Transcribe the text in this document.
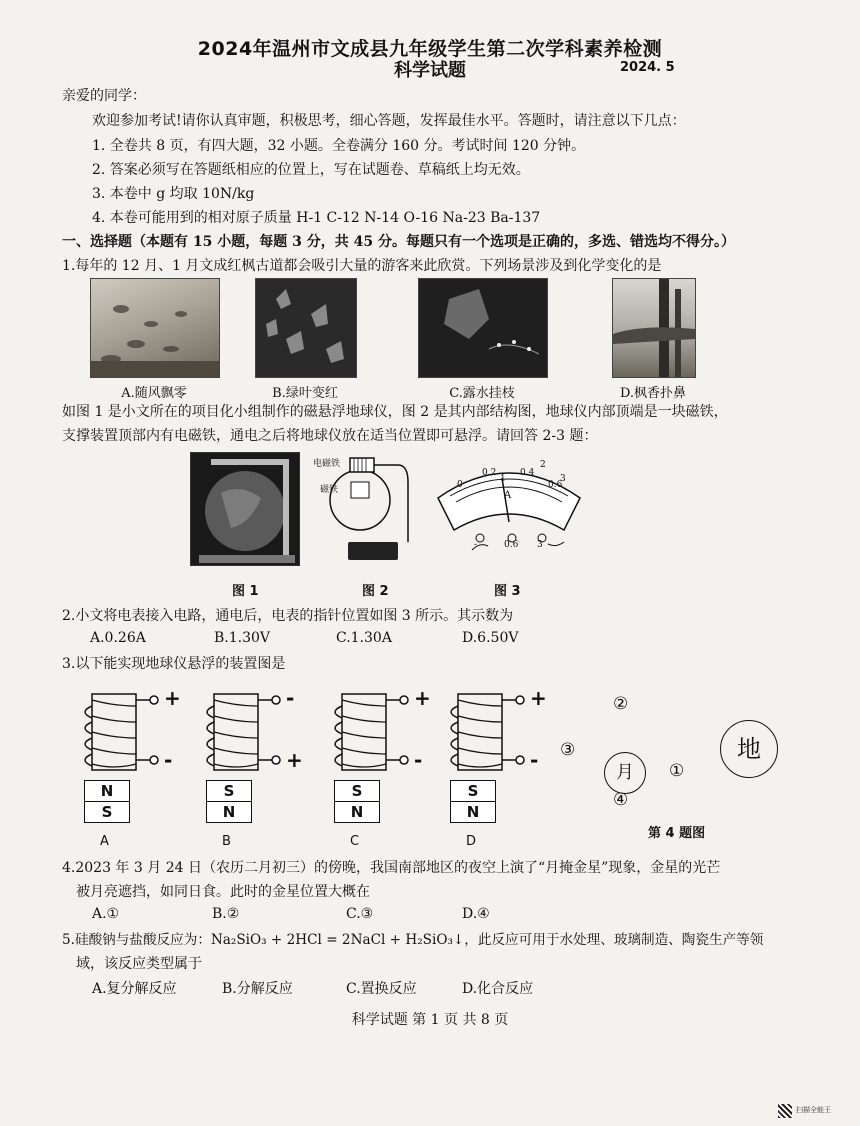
2024年温州市文成县九年级学生第二次学科素养检测
科学试题	2024. 5
亲爱的同学：
欢迎参加考试!请你认真审题，积极思考，细心答题，发挥最佳水平。答题时，请注意以下几点：
1. 全卷共 8 页，有四大题，32 小题。全卷满分 160 分。考试时间 120 分钟。
2. 答案必须写在答题纸相应的位置上，写在试题卷、草稿纸上均无效。
3. 本卷中 g 均取 10N/kg
4. 本卷可能用到的相对原子质量 H-1 C-12 N-14 O-16 Na-23 Ba-137
一、选择题（本题有 15 小题，每题 3 分，共 45 分。每题只有一个选项是正确的，多选、错选均不得分。）
1.每年的 12 月、1 月文成红枫古道都会吸引大量的游客来此欣赏。下列场景涉及到化学变化的是
A.随风飘零	B.绿叶变红	C.露水挂枝	D.枫香扑鼻
如图 1 是小文所在的项目化小组制作的磁悬浮地球仪，图 2 是其内部结构图，地球仪内部顶端是一块磁铁，
支撑装置顶部内有电磁铁，通电之后将地球仪放在适当位置即可悬浮。请回答 2-3 题：
电磁铁
磁铁	0
0.2	0.4
0.6
1
2
3
A
-	0.6 3
图 1	图 2	图 3
2.小文将电表接入电路，通电后，电表的指针位置如图 3 所示。其示数为
A.0.26A	B.1.30V	C.1.30A	D.6.50V
3.以下能实现地球仪悬浮的装置图是
+
-
N
S
A
-
+
S
N
B
+
-
S
N
C
+
-
S
N
D
月
地
①
②
③
④
第 4 题图
4.2023 年 3 月 24 日（农历二月初三）的傍晚，我国南部地区的夜空上演了“月掩金星”现象，金星的光芒
被月亮遮挡，如同日食。此时的金星位置大概在
A.①	B.②	C.③	D.④
5.硅酸钠与盐酸反应为：Na₂SiO₃ + 2HCl = 2NaCl + H₂SiO₃↓，此反应可用于水处理、玻璃制造、陶瓷生产等领
域，该反应类型属于
A.复分解反应	B.分解反应	C.置换反应	D.化合反应
科学试题 第 1 页 共 8 页
扫描全能王
